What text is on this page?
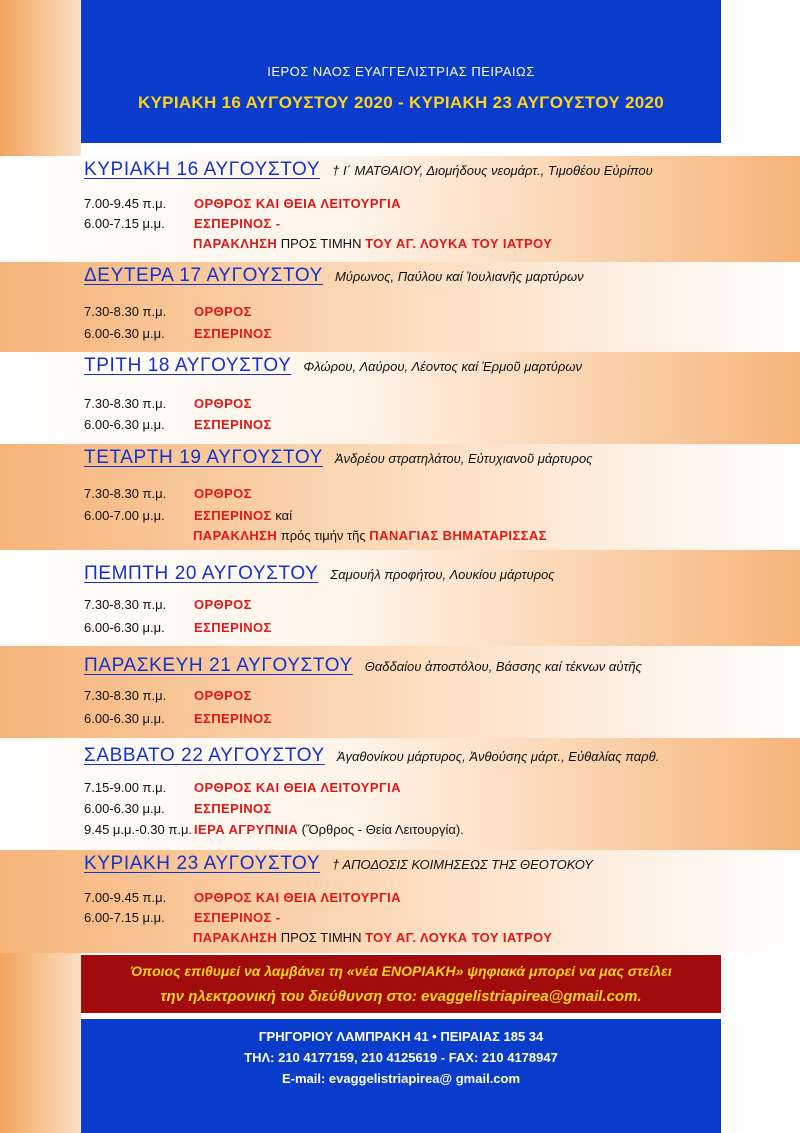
ΙΕΡΟΣ ΝΑΟΣ ΕΥΑΓΓΕΛΙΣΤΡΙΑΣ ΠΕΙΡΑΙΩΣ
ΚΥΡΙΑΚΗ 16 ΑΥΓΟΥΣΤΟΥ 2020 - ΚΥΡΙΑΚΗ 23 ΑΥΓΟΥΣΤΟΥ 2020
ΚΥΡΙΑΚΗ 16 ΑΥΓΟΥΣΤΟΥ † Ι΄ ΜΑΤΘΑΙΟΥ, Διομήδους νεομάρτ., Τιμοθέου Εὐρίπου
7.00-9.45 π.μ. ΟΡΘΡΟΣ ΚΑΙ ΘΕΙΑ ΛΕΙΤΟΥΡΓΙΑ
6.00-7.15 μ.μ. ΕΣΠΕΡΙΝΟΣ -
ΠΑΡΑΚΛΗΣΗ ΠΡΟΣ ΤΙΜΗΝ ΤΟΥ ΑΓ. ΛΟΥΚΑ ΤΟΥ ΙΑΤΡΟΥ
ΔΕΥΤΕΡΑ 17 ΑΥΓΟΥΣΤΟΥ Μύρωνος, Παύλου καί Ἰουλιανῆς μαρτύρων
7.30-8.30 π.μ. ΟΡΘΡΟΣ
6.00-6.30 μ.μ. ΕΣΠΕΡΙΝΟΣ
ΤΡΙΤΗ 18 ΑΥΓΟΥΣΤΟΥ Φλώρου, Λαύρου, Λέοντος καί Ἑρμοῦ μαρτύρων
7.30-8.30 π.μ. ΟΡΘΡΟΣ
6.00-6.30 μ.μ. ΕΣΠΕΡΙΝΟΣ
ΤΕΤΑΡΤΗ 19 ΑΥΓΟΥΣΤΟΥ Ἀνδρέου στρατηλάτου, Εὐτυχιανοῦ μάρτυρος
7.30-8.30 π.μ. ΟΡΘΡΟΣ
6.00-7.00 μ.μ. ΕΣΠΕΡΙΝΟΣ καί
ΠΑΡΑΚΛΗΣΗ πρός τιμήν τῆς ΠΑΝΑΓΙΑΣ ΒΗΜΑΤΑΡΙΣΣΑΣ
ΠΕΜΠΤΗ 20 ΑΥΓΟΥΣΤΟΥ Σαμουήλ προφήτου, Λουκίου μάρτυρος
7.30-8.30 π.μ. ΟΡΘΡΟΣ
6.00-6.30 μ.μ. ΕΣΠΕΡΙΝΟΣ
ΠΑΡΑΣΚΕΥΗ 21 ΑΥΓΟΥΣΤΟΥ Θαδδαίου ἀποστόλου, Βάσσης καί τέκνων αὐτῆς
7.30-8.30 π.μ. ΟΡΘΡΟΣ
6.00-6.30 μ.μ. ΕΣΠΕΡΙΝΟΣ
ΣΑΒΒΑΤΟ 22 ΑΥΓΟΥΣΤΟΥ Ἀγαθονίκου μάρτυρος, Ἀνθούσης μάρτ., Εὐθαλίας παρθ.
7.15-9.00 π.μ. ΟΡΘΡΟΣ ΚΑΙ ΘΕΙΑ ΛΕΙΤΟΥΡΓΙΑ
6.00-6.30 μ.μ. ΕΣΠΕΡΙΝΟΣ
9.45 μ.μ.-0.30 π.μ. ΙΕΡΑ ΑΓΡΥΠΝΙΑ (Ὄρθρος - Θεία Λειτουργία).
ΚΥΡΙΑΚΗ 23 ΑΥΓΟΥΣΤΟΥ † ΑΠΟΔΟΣΙΣ ΚΟΙΜΗΣΕΩΣ ΤΗΣ ΘΕΟΤΟΚΟΥ
7.00-9.45 π.μ. ΟΡΘΡΟΣ ΚΑΙ ΘΕΙΑ ΛΕΙΤΟΥΡΓΙΑ
6.00-7.15 μ.μ. ΕΣΠΕΡΙΝΟΣ -
ΠΑΡΑΚΛΗΣΗ ΠΡΟΣ ΤΙΜΗΝ ΤΟΥ ΑΓ. ΛΟΥΚΑ ΤΟΥ ΙΑΤΡΟΥ
Όποιος επιθυμεί να λαμβάνει τη «νέα ΕΝΟΡΙΑΚΗ» ψηφιακά μπορεί να μας στείλει
την ηλεκτρονική του διεύθυνση στο: evaggelistriapirea@gmail.com.
ΓΡΗΓΟΡΙΟΥ ΛΑΜΠΡΑΚΗ 41 • ΠΕΙΡΑΙΑΣ 185 34
ΤΗΛ: 210 4177159, 210 4125619 - FAX: 210 4178947
E-mail: evaggelistriapirea@ gmail.com
